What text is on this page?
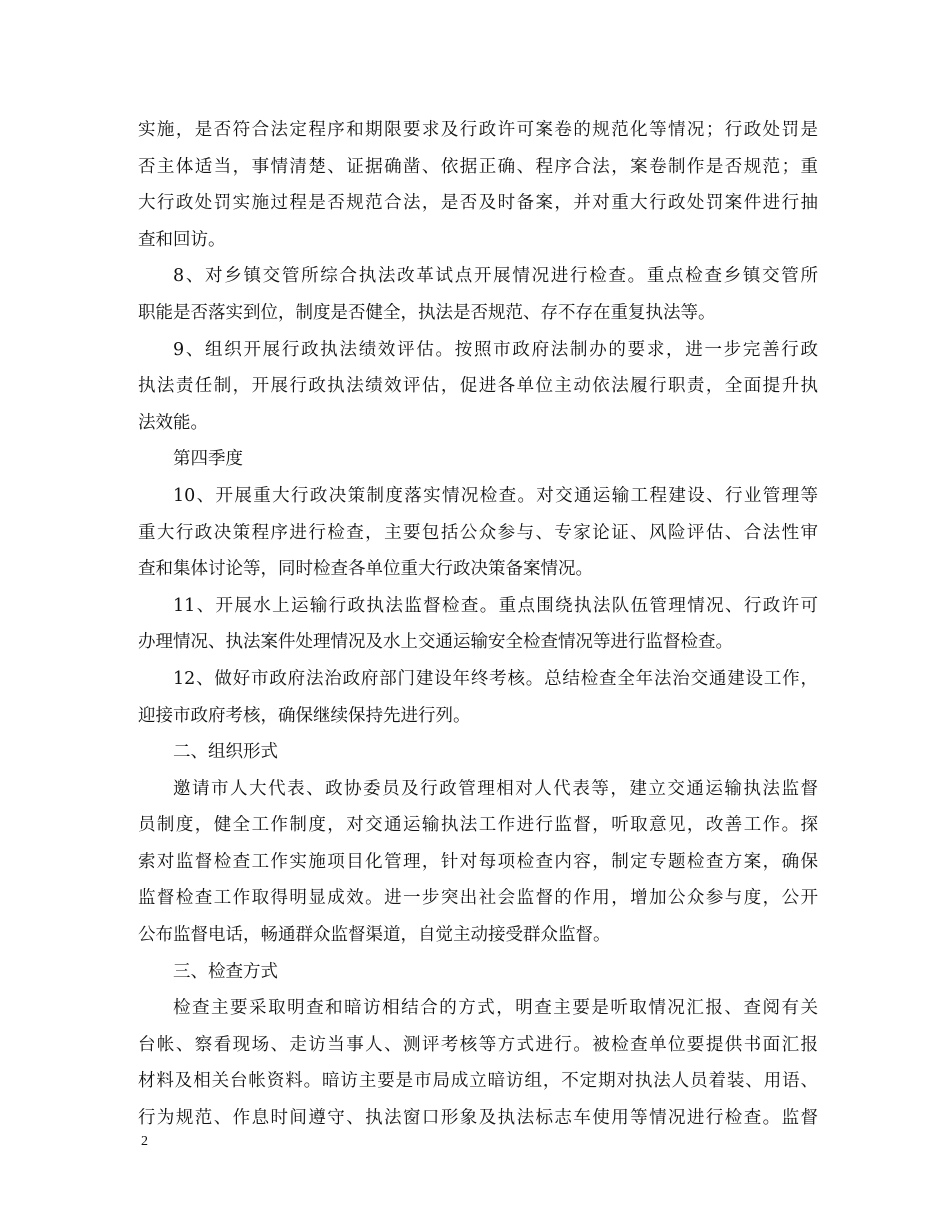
实施，是否符合法定程序和期限要求及行政许可案卷的规范化等情况；行政处罚是
否主体适当，事情清楚、证据确凿、依据正确、程序合法，案卷制作是否规范；重
大行政处罚实施过程是否规范合法，是否及时备案，并对重大行政处罚案件进行抽
查和回访。
8、对乡镇交管所综合执法改革试点开展情况进行检查。重点检查乡镇交管所
职能是否落实到位，制度是否健全，执法是否规范、存不存在重复执法等。
9、组织开展行政执法绩效评估。按照市政府法制办的要求，进一步完善行政
执法责任制，开展行政执法绩效评估，促进各单位主动依法履行职责，全面提升执
法效能。
第四季度
10、开展重大行政决策制度落实情况检查。对交通运输工程建设、行业管理等
重大行政决策程序进行检查，主要包括公众参与、专家论证、风险评估、合法性审
查和集体讨论等，同时检查各单位重大行政决策备案情况。
11、开展水上运输行政执法监督检查。重点围绕执法队伍管理情况、行政许可
办理情况、执法案件处理情况及水上交通运输安全检查情况等进行监督检查。
12、做好市政府法治政府部门建设年终考核。总结检查全年法治交通建设工作，
迎接市政府考核，确保继续保持先进行列。
二、组织形式
邀请市人大代表、政协委员及行政管理相对人代表等，建立交通运输执法监督
员制度，健全工作制度，对交通运输执法工作进行监督，听取意见，改善工作。探
索对监督检查工作实施项目化管理，针对每项检查内容，制定专题检查方案，确保
监督检查工作取得明显成效。进一步突出社会监督的作用，增加公众参与度，公开
公布监督电话，畅通群众监督渠道，自觉主动接受群众监督。
三、检查方式
检查主要采取明查和暗访相结合的方式，明查主要是听取情况汇报、查阅有关
台帐、察看现场、走访当事人、测评考核等方式进行。被检查单位要提供书面汇报
材料及相关台帐资料。暗访主要是市局成立暗访组，不定期对执法人员着装、用语、
行为规范、作息时间遵守、执法窗口形象及执法标志车使用等情况进行检查。监督
2
